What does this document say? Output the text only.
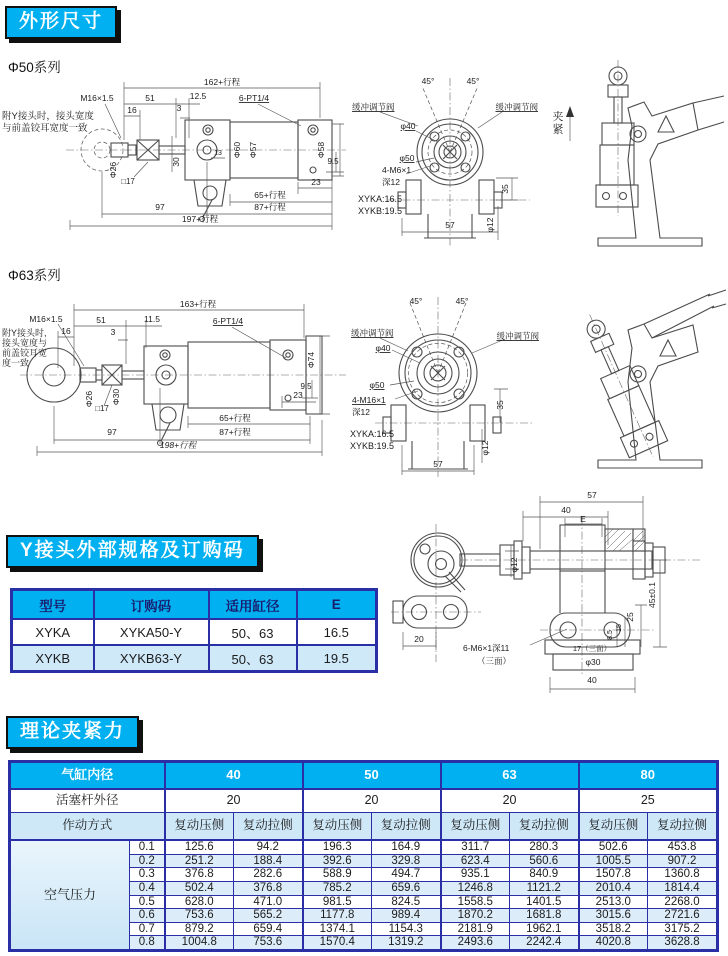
外形尺寸
Φ50系列
Φ63系列
162+行程
M16×1.5	51	12.5
16	3
6-PT1/4
附Y接头时，接头宽度
与前盖铰耳宽度一致
Φ26
□17
30
13 Φ60 Φ57	Φ58
9.5
23
65+行程
87+行程
97
197+行程
45°	45°
缓冲调节阀	缓冲调节阀
φ40
φ50
4-M6×1
深12
XYKA:16.5
XYKB:19.5
35
φ12
57
夹
紧
163+行程
M16×1.5	51	11.5
16	3
6-PT1/4
附Y接头时,
接头宽度与
前盖铰耳宽
度一致
Φ26 Φ30
□17
Φ74
9.5
23
65+行程
87+行程
97
198+行程
45°	45°
缓冲调节阀	缓冲调节阀
φ40
φ50
4-M16×1
深12
XYKA:16.5
XYKB:19.5
35
φ12
57
Y接头外部规格及订购码
20
57
40
E
φ12
45±0.1
25
15
8.5
6-M6×1深11
（三面）
17（三面）
φ30
40
型号	订购码	适用缸径	E
XYKA	XYKA50-Y	50、63	16.5
XYKB	XYKB63-Y	50、63	19.5
理论夹紧力
气缸内径		40		50		63		80	
活塞杆外径		20		20		20		25	
作动方式		复动压侧	复动拉侧	复动压侧	复动拉侧	复动压侧	复动拉侧	复动压侧	复动拉侧
空气压力	0.1	125.6	94.2	196.3	164.9	311.7	280.3	502.6	453.8
	0.2	251.2	188.4	392.6	329.8	623.4	560.6	1005.5	907.2
	0.3	376.8	282.6	588.9	494.7	935.1	840.9	1507.8	1360.8
	0.4	502.4	376.8	785.2	659.6	1246.8	1121.2	2010.4	1814.4
	0.5	628.0	471.0	981.5	824.5	1558.5	1401.5	2513.0	2268.0
	0.6	753.6	565.2	1177.8	989.4	1870.2	1681.8	3015.6	2721.6
	0.7	879.2	659.4	1374.1	1154.3	2181.9	1962.1	3518.2	3175.2
	0.8	1004.8	753.6	1570.4	1319.2	2493.6	2242.4	4020.8	3628.8
